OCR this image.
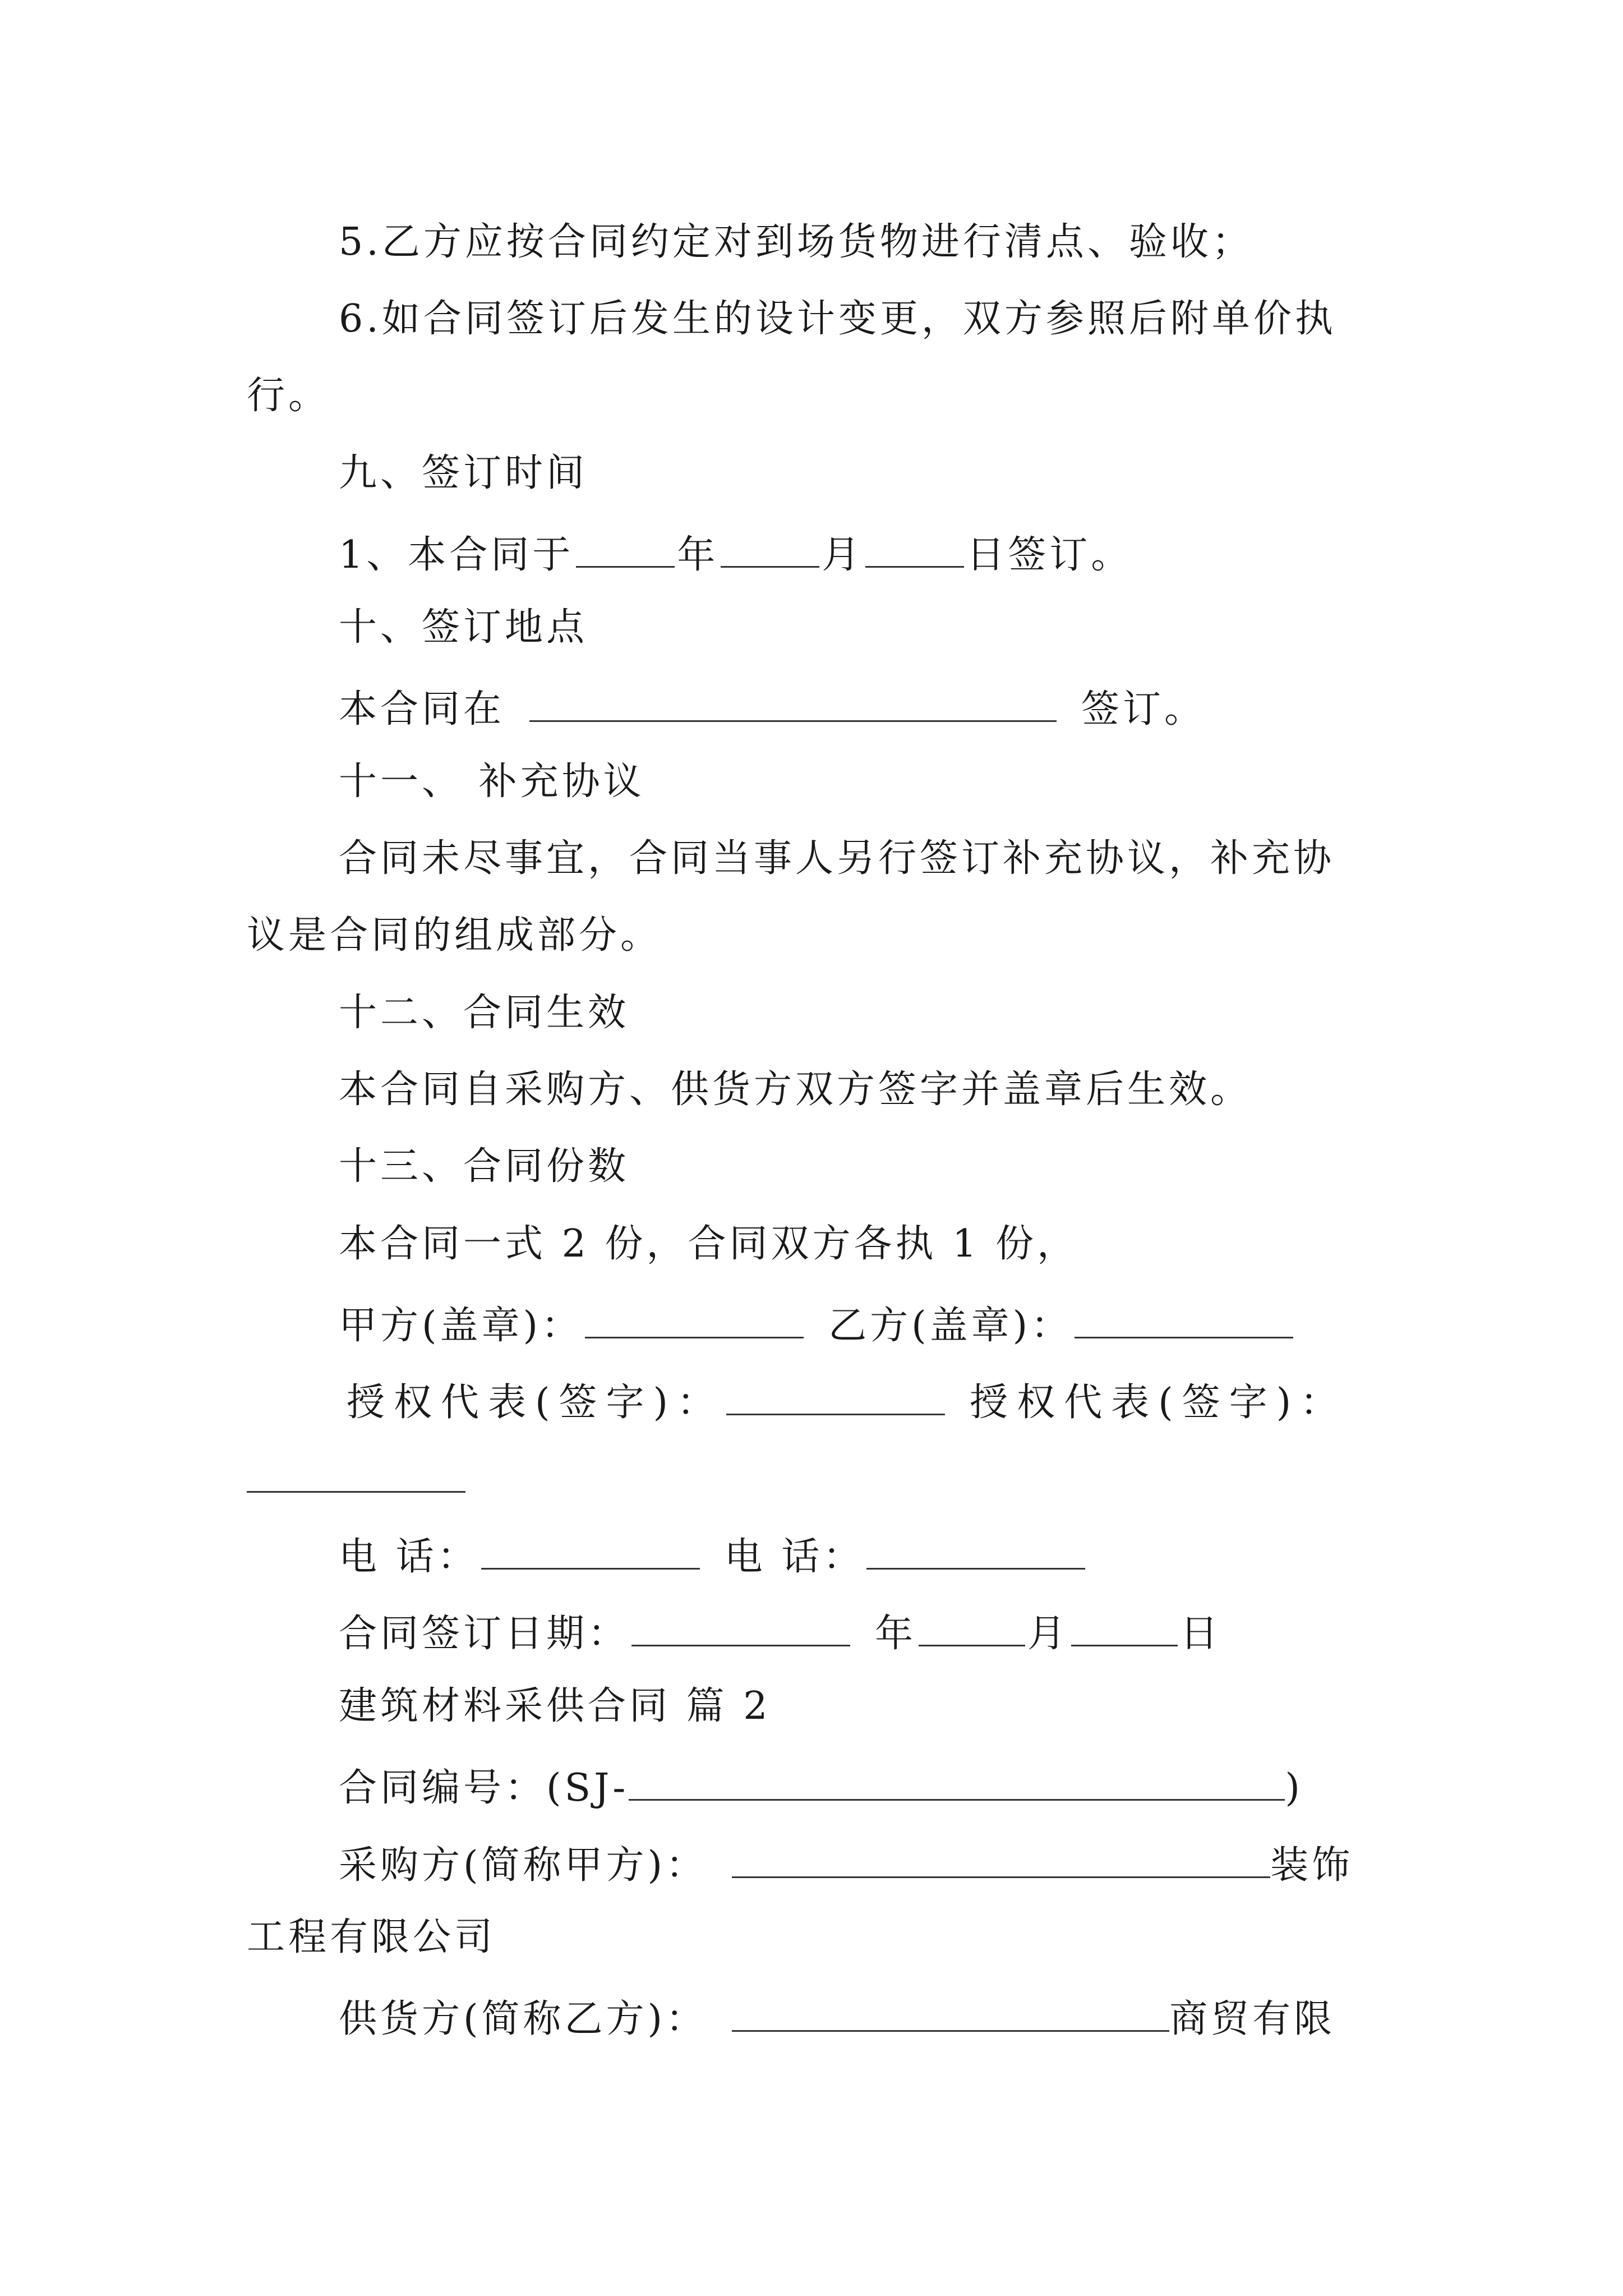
5.乙方应按合同约定对到场货物进行清点、验收；
6.如合同签订后发生的设计变更，双方参照后附单价执
行。
九、签订时间
1、本合同于	年	月	日签订。
十、签订地点
本合同在	签订。
十一、 补充协议
合同未尽事宜，合同当事人另行签订补充协议，补充协
议是合同的组成部分。
十二、合同生效
本合同自采购方、供货方双方签字并盖章后生效。
十三、合同份数
本合同一式 2 份，合同双方各执 1 份，
甲方(盖章)：	乙方(盖章)：
授权代表(签字)：	授权代表(签字)：
电 话：	电 话：
合同签订日期：	年	月	日
建筑材料采供合同 篇 2
合同编号：(SJ-	)
采购方(简称甲方)：	装饰
工程有限公司
供货方(简称乙方)：	商贸有限
